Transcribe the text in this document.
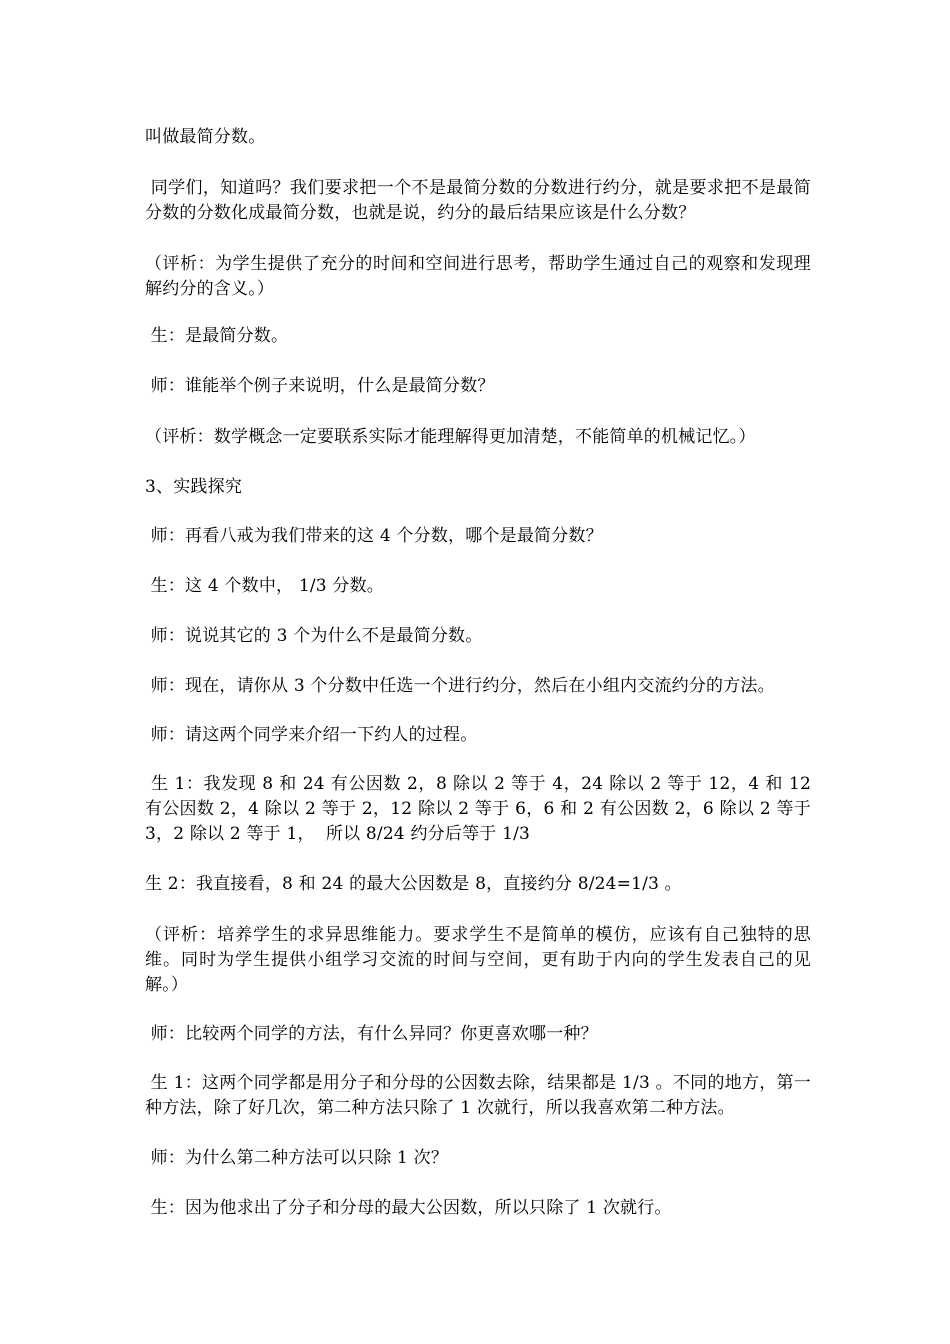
叫做最简分数。

同学们，知道吗？我们要求把一个不是最简分数的分数进行约分，就是要求把不是最简分数的分数化成最简分数，也就是说，约分的最后结果应该是什么分数？

（评析：为学生提供了充分的时间和空间进行思考，帮助学生通过自己的观察和发现理解约分的含义。）

生：是最简分数。

师：谁能举个例子来说明，什么是最简分数？

（评析：数学概念一定要联系实际才能理解得更加清楚，不能简单的机械记忆。）

3、实践探究

师：再看八戒为我们带来的这 4 个分数，哪个是最简分数？

生：这 4 个数中， 1/3 分数。

师：说说其它的 3 个为什么不是最简分数。

师：现在，请你从 3 个分数中任选一个进行约分，然后在小组内交流约分的方法。

师：请这两个同学来介绍一下约人的过程。

生 1：我发现 8 和 24 有公因数 2，8 除以 2 等于 4，24 除以 2 等于 12，4 和 12 有公因数 2，4 除以 2 等于 2，12 除以 2 等于 6，6 和 2 有公因数 2，6 除以 2 等于 3，2 除以 2 等于 1，  所以 8/24 约分后等于 1/3

生 2：我直接看，8 和 24 的最大公因数是 8，直接约分 8/24=1/3 。

（评析：培养学生的求异思维能力。要求学生不是简单的模仿，应该有自己独特的思维。同时为学生提供小组学习交流的时间与空间，更有助于内向的学生发表自己的见解。）

师：比较两个同学的方法，有什么异同？你更喜欢哪一种？

生 1：这两个同学都是用分子和分母的公因数去除，结果都是 1/3 。不同的地方，第一种方法，除了好几次，第二种方法只除了 1 次就行，所以我喜欢第二种方法。

师：为什么第二种方法可以只除 1 次？

生：因为他求出了分子和分母的最大公因数，所以只除了 1 次就行。
